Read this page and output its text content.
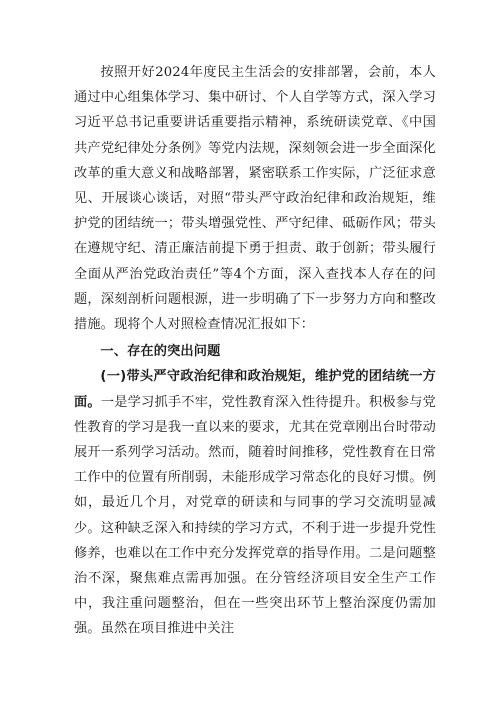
按照开好2024年度民主生活会的安排部署，会前，本人通过中心组集体学习、集中研讨、个人自学等方式，深入学习习近平总书记重要讲话重要指示精神，系统研读党章、《中国共产党纪律处分条例》等党内法规，深刻领会进一步全面深化改革的重大意义和战略部署，紧密联系工作实际，广泛征求意见、开展谈心谈话，对照“带头严守政治纪律和政治规矩，维护党的团结统一；带头增强党性、严守纪律、砥砺作风；带头在遵规守纪、清正廉洁前提下勇于担责、敢于创新；带头履行全面从严治党政治责任”等4个方面，深入查找本人存在的问题，深刻剖析问题根源，进一步明确了下一步努力方向和整改措施。现将个人对照检查情况汇报如下：

一、存在的突出问题

(一)带头严守政治纪律和政治规矩，维护党的团结统一方面。一是学习抓手不牢，党性教育深入性待提升。积极参与党性教育的学习是我一直以来的要求，尤其在党章刚出台时带动展开一系列学习活动。然而，随着时间推移，党性教育在日常工作中的位置有所削弱，未能形成学习常态化的良好习惯。例如，最近几个月，对党章的研读和与同事的学习交流明显减少。这种缺乏深入和持续的学习方式，不利于进一步提升党性修养，也难以在工作中充分发挥党章的指导作用。二是问题整治不深，聚焦难点需再加强。在分管经济项目安全生产工作中，我注重问题整治，但在一些突出环节上整治深度仍需加强。虽然在项目推进中关注
